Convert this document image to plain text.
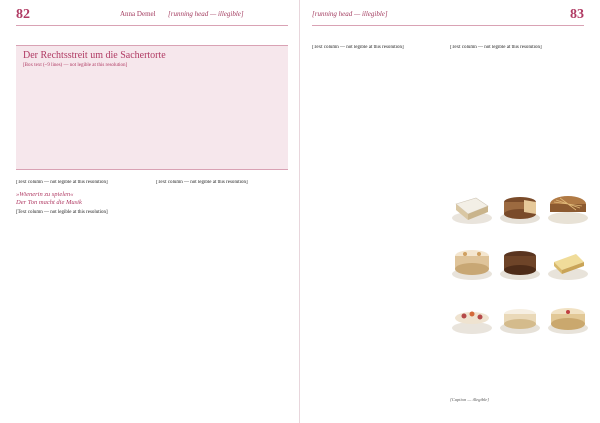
82	Anna Demel [running head — illegible]
Der Rechtsstreit um die Sachertorte
[Box text (~9 lines) — not legible at this resolution]

[Text column — not legible at this resolution]

»Wienerin zu spielen«
Der Ton macht die Musik

[Text column — not legible at this resolution]

[Text column — not legible at this resolution]

[running head — illegible]	83

[Text column — not legible at this resolution]	[Text column — not legible at this resolution]

[Caption — illegible]
